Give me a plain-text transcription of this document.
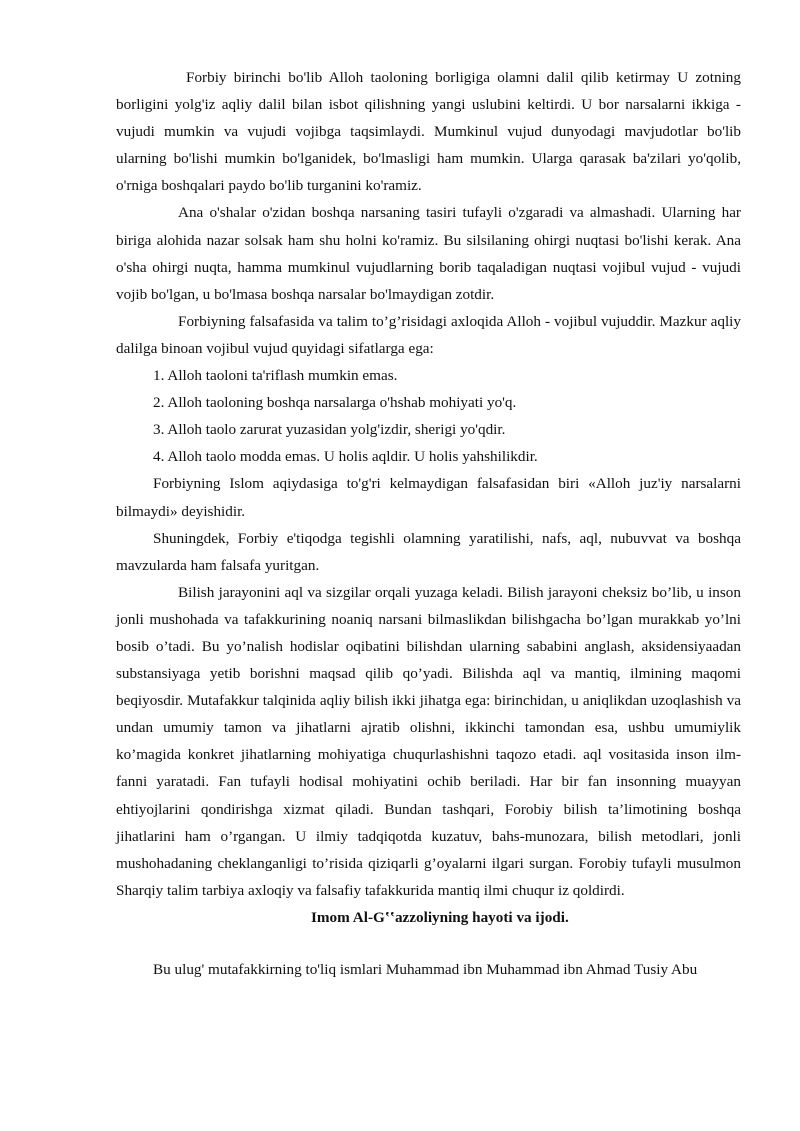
Forbiy birinchi bo'lib Alloh taoloning borligiga olamni dalil qilib ketirmay U zotning borligini yolg'iz aqliy dalil bilan isbot qilishning yangi uslubini keltirdi. U bor narsalarni ikkiga - vujudi mumkin va vujudi vojibga taqsimlaydi. Mumkinul vujud dunyodagi mavjudotlar bo'lib ularning bo'lishi mumkin bo'lganidek, bo'lmasligi ham mumkin. Ularga qarasak ba'zilari yo'qolib, o'rniga boshqalari paydo bo'lib turganini ko'ramiz.

Ana o'shalar o'zidan boshqa narsaning tasiri tufayli o'zgaradi va almashadi. Ularning har biriga alohida nazar solsak ham shu holni ko'ramiz. Bu silsilaning ohirgi nuqtasi bo'lishi kerak. Ana o'sha ohirgi nuqta, hamma mumkinul vujudlarning borib taqaladigan nuqtasi vojibul vujud - vujudi vojib bo'lgan, u bo'lmasa boshqa narsalar bo'lmaydigan zotdir.

Forbiyning falsafasida va talim to’g’risidagi axloqida Alloh - vojibul vujuddir. Mazkur aqliy dalilga binoan vojibul vujud quyidagi sifatlarga ega:

1. Alloh taoloni ta'riflash mumkin emas.

2. Alloh taoloning boshqa narsalarga o'hshab mohiyati yo'q.

3. Alloh taolo zarurat yuzasidan yolg'izdir, sherigi yo'qdir.

4. Alloh taolo modda emas. U holis aqldir. U holis yahshilikdir.

Forbiyning Islom aqiydasiga to'g'ri kelmaydigan falsafasidan biri «Alloh juz'iy narsalarni bilmaydi» deyishidir.

Shuningdek, Forbiy e'tiqodga tegishli olamning yaratilishi, nafs, aql, nubuvvat va boshqa mavzularda ham falsafa yuritgan.

Bilish jarayonini aql va sizgilar orqali yuzaga keladi. Bilish jarayoni cheksiz bo’lib, u inson jonli mushohada va tafakkurining noaniq narsani bilmaslikdan bilishgacha bo’lgan murakkab yo’lni bosib o’tadi. Bu yo’nalish hodislar oqibatini bilishdan ularning sababini anglash, aksidensiyaadan substansiyaga yetib borishni maqsad qilib qo’yadi. Bilishda aql va mantiq, ilmining maqomi beqiyosdir. Mutafakkur talqinida aqliy bilish ikki jihatga ega: birinchidan, u aniqlikdan uzoqlashish va undan umumiy tamon va jihatlarni ajratib olishni, ikkinchi tamondan esa, ushbu umumiylik ko’magida konkret jihatlarning mohiyatiga chuqurlashishni taqozo etadi. aql vositasida inson ilm-fanni yaratadi. Fan tufayli hodisal mohiyatini ochib beriladi. Har bir fan insonning muayyan ehtiyojlarini qondirishga xizmat qiladi. Bundan tashqari, Forobiy bilish ta’limotining boshqa jihatlarini ham o’rgangan. U ilmiy tadqiqotda kuzatuv, bahs-munozara, bilish metodlari, jonli mushohadaning cheklanganligi to’risida qiziqarli g’oyalarni ilgari surgan. Forobiy tufayli musulmon Sharqiy talim tarbiya axloqiy va falsafiy tafakkurida mantiq ilmi chuqur iz qoldirdi.

Imom Al-Gʽʽazzoliyning hayoti va ijodi.

Bu ulug' mutafakkirning to'liq ismlari Muhammad ibn Muhammad ibn Ahmad Tusiy Abu
